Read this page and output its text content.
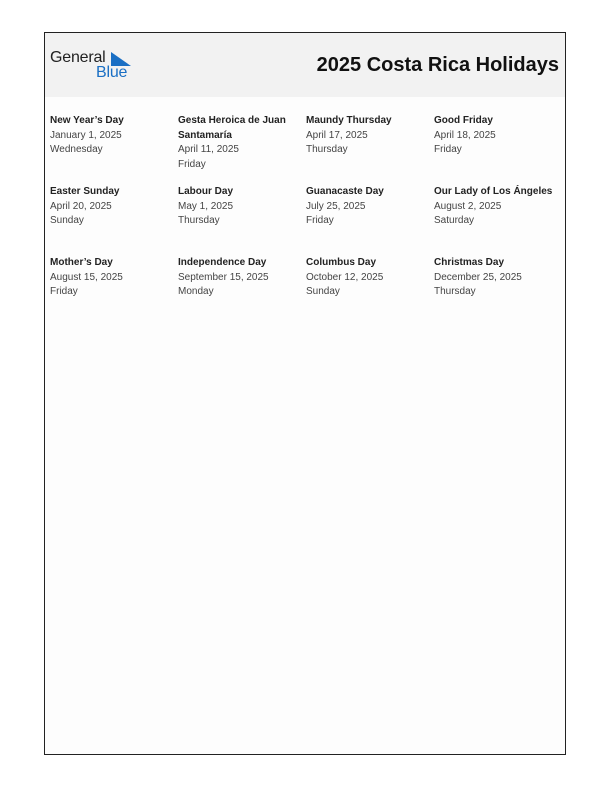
General
Blue	2025 Costa Rica Holidays
New Year’s Day
January 1, 2025
Wednesday
Gesta Heroica de Juan Santamaría
April 11, 2025
Friday
Maundy Thursday
April 17, 2025
Thursday
Good Friday
April 18, 2025
Friday
Easter Sunday
April 20, 2025
Sunday
Labour Day
May 1, 2025
Thursday
Guanacaste Day
July 25, 2025
Friday
Our Lady of Los Ángeles
August 2, 2025
Saturday
Mother’s Day
August 15, 2025
Friday
Independence Day
September 15, 2025
Monday
Columbus Day
October 12, 2025
Sunday
Christmas Day
December 25, 2025
Thursday
